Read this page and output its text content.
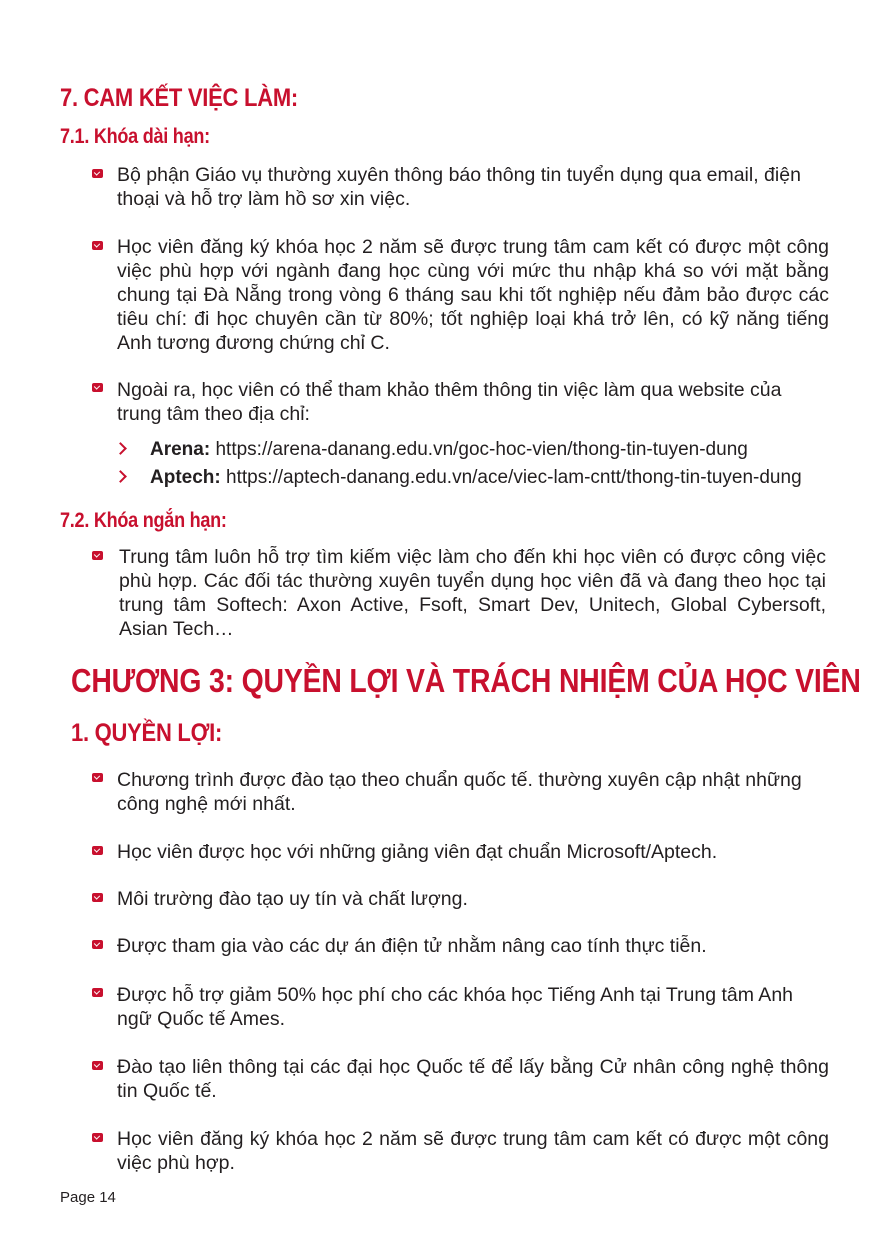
7. CAM KẾT VIỆC LÀM:
7.1. Khóa dài hạn:
Bộ phận Giáo vụ thường xuyên thông báo thông tin tuyển dụng qua email, điện thoại và hỗ trợ làm hồ sơ xin việc.
Học viên đăng ký khóa học 2 năm sẽ được trung tâm cam kết có được một công việc phù hợp với ngành đang học cùng với mức thu nhập khá so với mặt bằng chung tại Đà Nẵng trong vòng 6 tháng sau khi tốt nghiệp nếu đảm bảo được các tiêu chí: đi học chuyên cần từ 80%; tốt nghiệp loại khá trở lên, có kỹ năng tiếng Anh tương đương chứng chỉ C.
Ngoài ra, học viên có thể tham khảo thêm thông tin việc làm qua website của trung tâm theo địa chỉ:
Arena: https://arena-danang.edu.vn/goc-hoc-vien/thong-tin-tuyen-dung
Aptech: https://aptech-danang.edu.vn/ace/viec-lam-cntt/thong-tin-tuyen-dung
7.2. Khóa ngắn hạn:
Trung tâm luôn hỗ trợ tìm kiếm việc làm cho đến khi học viên có được công việc phù hợp. Các đối tác thường xuyên tuyển dụng học viên đã và đang theo học tại trung tâm Softech: Axon Active, Fsoft, Smart Dev, Unitech, Global Cybersoft, Asian Tech…
CHƯƠNG 3: QUYỀN LỢI VÀ TRÁCH NHIỆM CỦA HỌC VIÊN
1. QUYỀN LỢI:
Chương trình được đào tạo theo chuẩn quốc tế. thường xuyên cập nhật những công nghệ mới nhất.
Học viên được học với những giảng viên đạt chuẩn Microsoft/Aptech.
Môi trường đào tạo uy tín và chất lượng.
Được tham gia vào các dự án điện tử nhằm nâng cao tính thực tiễn.
Được hỗ trợ giảm 50% học phí cho các khóa học Tiếng Anh tại Trung tâm Anh ngữ Quốc tế Ames.
Đào tạo liên thông tại các đại học Quốc tế để lấy bằng Cử nhân công nghệ thông tin Quốc tế.
Học viên đăng ký khóa học 2 năm sẽ được trung tâm cam kết có được một công việc phù hợp.
Page 14
